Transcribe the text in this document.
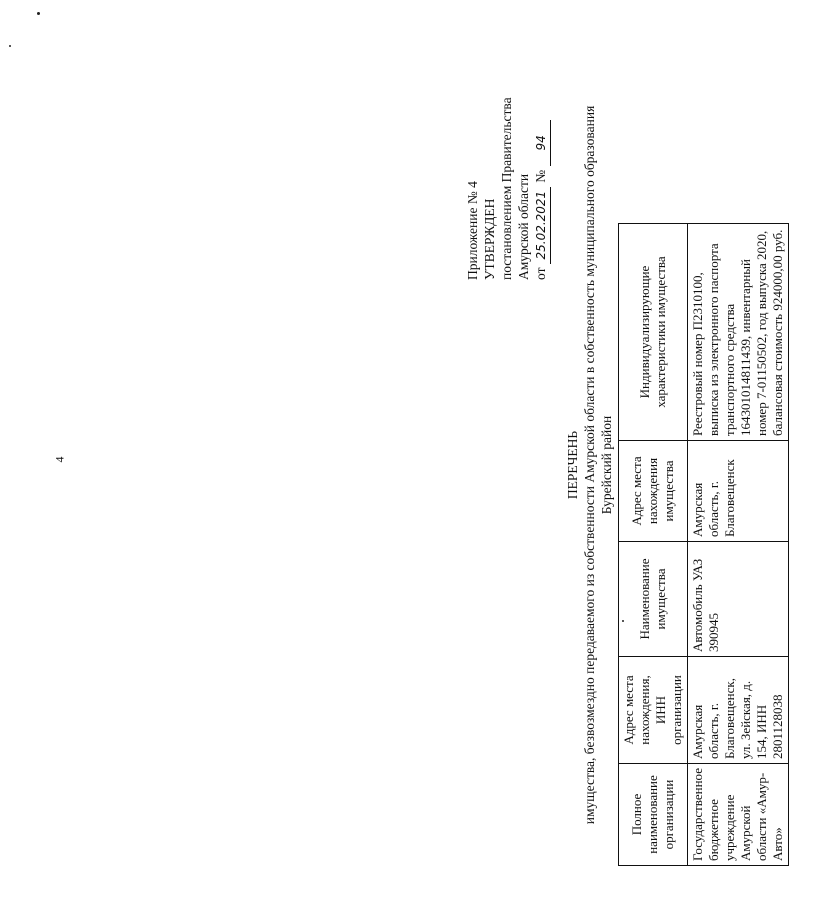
4
Приложение № 4 УТВЕРЖДЕН постановлением Правительства Амурской области от
25.02.2021
№
94
ПЕРЕЧЕНЬ имущества, безвозмездно передаваемого из собственности Амурской области в собственность муниципального образования Бурейский район
Полное наименование организации	Адрес места нахождения, ИНН организации	Наименование имущества	Адрес места нахождения имущества	Индивидуализирующие характеристики имущества
Государственное бюджетное учреждение Амурской области «Амур-Авто»	Амурская область, г. Благовещенск, ул. Зейская, д. 154, ИНН 2801128038	Автомобиль УАЗ 390945	Амурская область, г. Благовещенск	Реестровый номер П2310100, выписка из электронного паспорта транспортного средства 164301014811439, инвентарный номер 7-01150502, год выпуска 2020, балансовая стоимость 924000,00 руб.
